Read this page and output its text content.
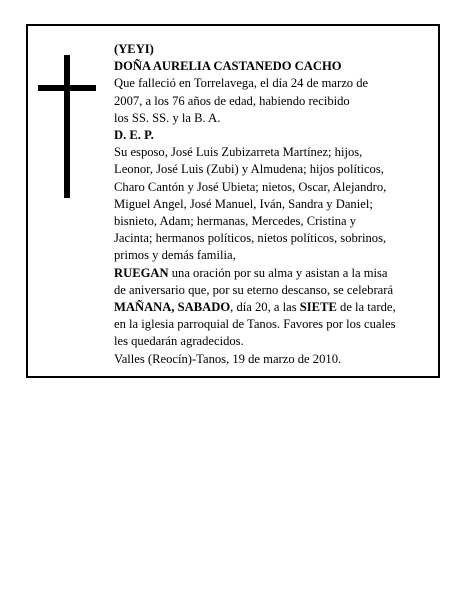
(YEYI)
DOÑA AURELIA CASTANEDO CACHO
Que falleció en Torrelavega, el día 24 de marzo de
2007, a los 76 años de edad, habiendo recibido
los SS. SS. y la B. A.
D. E. P.
Su esposo, José Luis Zubizarreta Martínez; hijos,
Leonor, José Luis (Zubi) y Almudena; hijos políticos,
Charo Cantón y José Ubieta; nietos, Oscar, Alejandro,
Miguel Angel, José Manuel, Iván, Sandra y Daniel;
bisnieto, Adam; hermanas, Mercedes, Cristina y
Jacinta; hermanos políticos, nietos políticos, sobrinos,
primos y demás familia,
RUEGAN una oración por su alma y asistan a la misa
de aniversario que, por su eterno descanso, se celebrará
MAÑANA, SABADO, día 20, a las SIETE de la tarde,
en la iglesia parroquial de Tanos. Favores por los cuales
les quedarán agradecidos.
Valles (Reocín)-Tanos, 19 de marzo de 2010.
